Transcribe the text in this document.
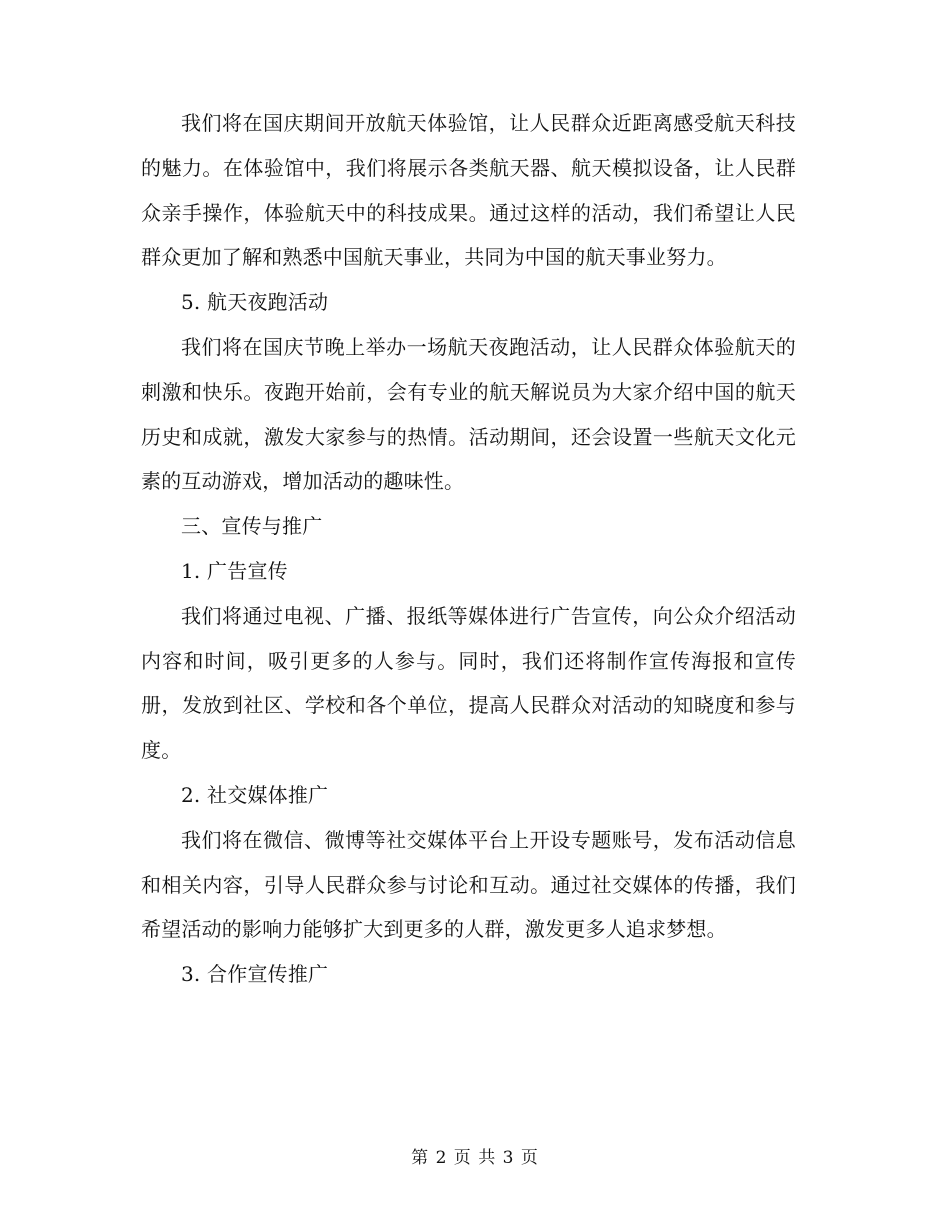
我们将在国庆期间开放航天体验馆，让人民群众近距离感受航天科技的魅力。在体验馆中，我们将展示各类航天器、航天模拟设备，让人民群众亲手操作，体验航天中的科技成果。通过这样的活动，我们希望让人民群众更加了解和熟悉中国航天事业，共同为中国的航天事业努力。

5. 航天夜跑活动

我们将在国庆节晚上举办一场航天夜跑活动，让人民群众体验航天的刺激和快乐。夜跑开始前，会有专业的航天解说员为大家介绍中国的航天历史和成就，激发大家参与的热情。活动期间，还会设置一些航天文化元素的互动游戏，增加活动的趣味性。

三、宣传与推广

1. 广告宣传

我们将通过电视、广播、报纸等媒体进行广告宣传，向公众介绍活动内容和时间，吸引更多的人参与。同时，我们还将制作宣传海报和宣传册，发放到社区、学校和各个单位，提高人民群众对活动的知晓度和参与度。

2. 社交媒体推广

我们将在微信、微博等社交媒体平台上开设专题账号，发布活动信息和相关内容，引导人民群众参与讨论和互动。通过社交媒体的传播，我们希望活动的影响力能够扩大到更多的人群，激发更多人追求梦想。

3. 合作宣传推广

第 2 页 共 3 页
